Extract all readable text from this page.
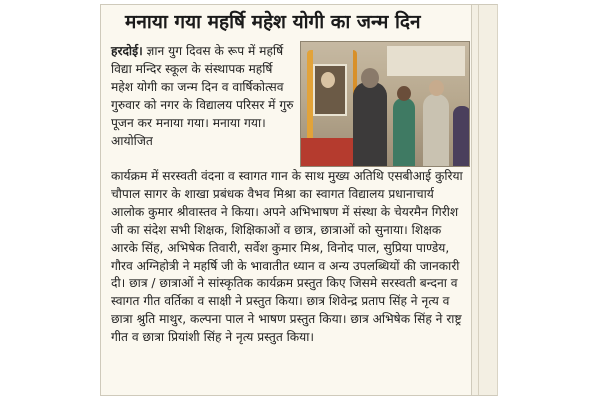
मनाया गया महर्षि महेश योगी का जन्म दिन

हरदोई। ज्ञान युग दिवस के रूप में महर्षि विद्या मन्दिर स्कूल के संस्थापक महर्षि महेश योगी का जन्म दिन व वार्षिकोत्सव गुरुवार को नगर के विद्यालय परिसर में गुरु पूजन कर मनाया गया। मनाया गया। आयोजित

कार्यक्रम में सरस्वती वंदना व स्वागत गान के साथ मुख्य अतिथि एसबीआई कुरिया चौपाल सागर के शाखा प्रबंधक वैभव मिश्रा का स्वागत विद्यालय प्रधानाचार्य आलोक कुमार श्रीवास्तव ने किया। अपने अभिभाषण में संस्था के चेयरमैन गिरीश जी का संदेश सभी शिक्षक, शिक्षिकाओं व छात्र, छात्राओं को सुनाया। शिक्षक आरके सिंह, अभिषेक तिवारी, सर्वेश कुमार मिश्र, विनोद पाल, सुप्रिया पाण्डेय, गौरव अग्निहोत्री ने महर्षि जी के भावातीत ध्यान व अन्य उपलब्धियों की जानकारी दी। छात्र / छात्राओं ने सांस्कृतिक कार्यक्रम प्रस्तुत किए जिसमे सरस्वती बन्दना व स्वागत गीत वर्तिका व साक्षी ने प्रस्तुत किया। छात्र शिवेन्द्र प्रताप सिंह ने नृत्य व छात्रा श्रुति माथुर, कल्पना पाल ने भाषण प्रस्तुत किया। छात्र अभिषेक सिंह ने राष्ट्र गीत व छात्रा प्रियांशी सिंह ने नृत्य प्रस्तुत किया।
